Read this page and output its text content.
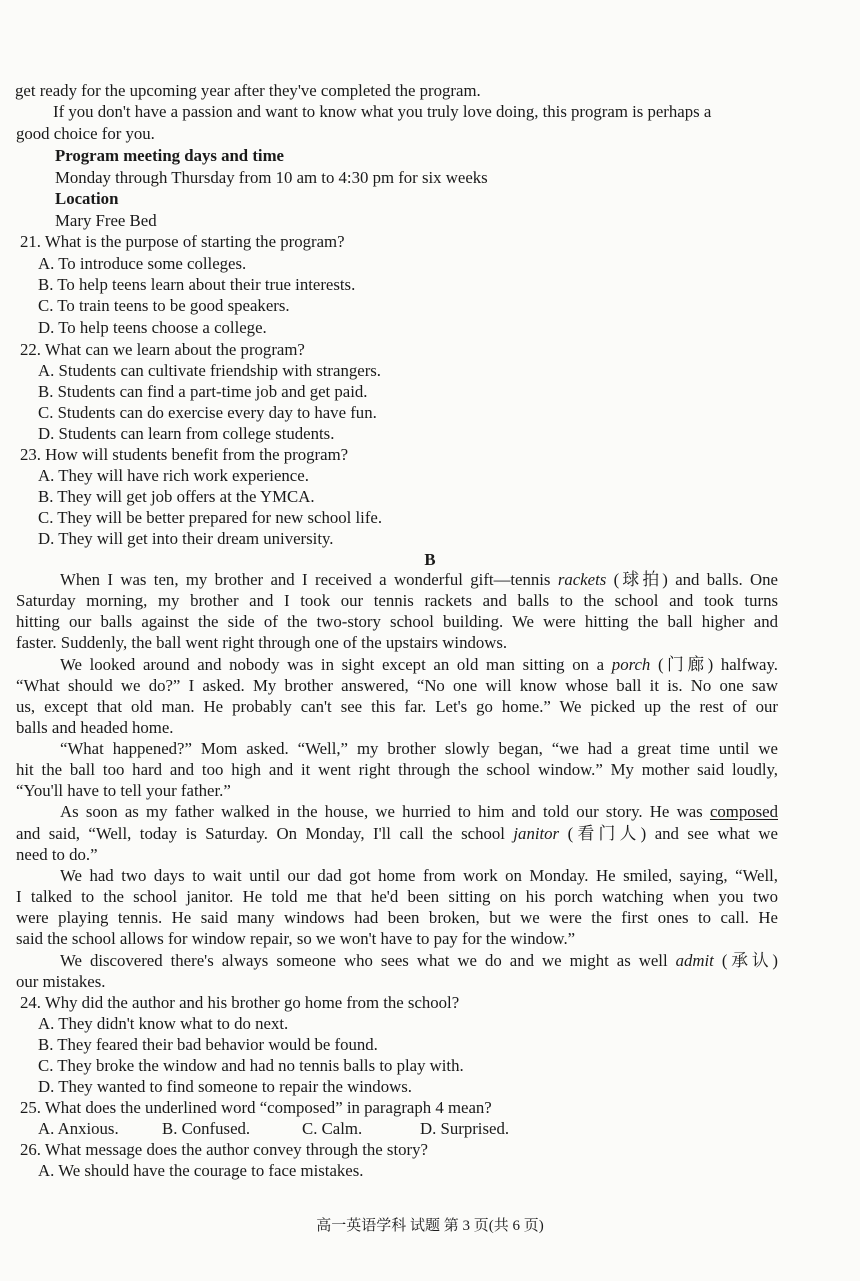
get ready for the upcoming year after they've completed the program.
If you don't have a passion and want to know what you truly love doing, this program is perhaps a
good choice for you.
Program meeting days and time
Monday through Thursday from 10 am to 4:30 pm for six weeks
Location
Mary Free Bed
21. What is the purpose of starting the program?
A. To introduce some colleges.
B. To help teens learn about their true interests.
C. To train teens to be good speakers.
D. To help teens choose a college.
22. What can we learn about the program?
A. Students can cultivate friendship with strangers.
B. Students can find a part-time job and get paid.
C. Students can do exercise every day to have fun.
D. Students can learn from college students.
23. How will students benefit from the program?
A. They will have rich work experience.
B. They will get job offers at the YMCA.
C. They will be better prepared for new school life.
D. They will get into their dream university.
B
When I was ten, my brother and I received a wonderful gift—tennis rackets (球拍) and balls. One
Saturday morning, my brother and I took our tennis rackets and balls to the school and took turns
hitting our balls against the side of the two-story school building. We were hitting the ball higher and
faster. Suddenly, the ball went right through one of the upstairs windows.
We looked around and nobody was in sight except an old man sitting on a porch (门廊) halfway.
“What should we do?” I asked. My brother answered, “No one will know whose ball it is. No one saw
us, except that old man. He probably can't see this far. Let's go home.” We picked up the rest of our
balls and headed home.
“What happened?” Mom asked. “Well,” my brother slowly began, “we had a great time until we
hit the ball too hard and too high and it went right through the school window.” My mother said loudly,
“You'll have to tell your father.”
As soon as my father walked in the house, we hurried to him and told our story. He was composed
and said, “Well, today is Saturday. On Monday, I'll call the school janitor (看门人) and see what we
need to do.”
We had two days to wait until our dad got home from work on Monday. He smiled, saying, “Well,
I talked to the school janitor. He told me that he'd been sitting on his porch watching when you two
were playing tennis. He said many windows had been broken, but we were the first ones to call. He
said the school allows for window repair, so we won't have to pay for the window.”
We discovered there's always someone who sees what we do and we might as well admit (承认)
our mistakes.
24. Why did the author and his brother go home from the school?
A. They didn't know what to do next.
B. They feared their bad behavior would be found.
C. They broke the window and had no tennis balls to play with.
D. They wanted to find someone to repair the windows.
25. What does the underlined word “composed” in paragraph 4 mean?
A. Anxious.	B. Confused.	C. Calm.	D. Surprised.
26. What message does the author convey through the story?
A. We should have the courage to face mistakes.
高一英语学科 试题 第 3 页(共 6 页)
